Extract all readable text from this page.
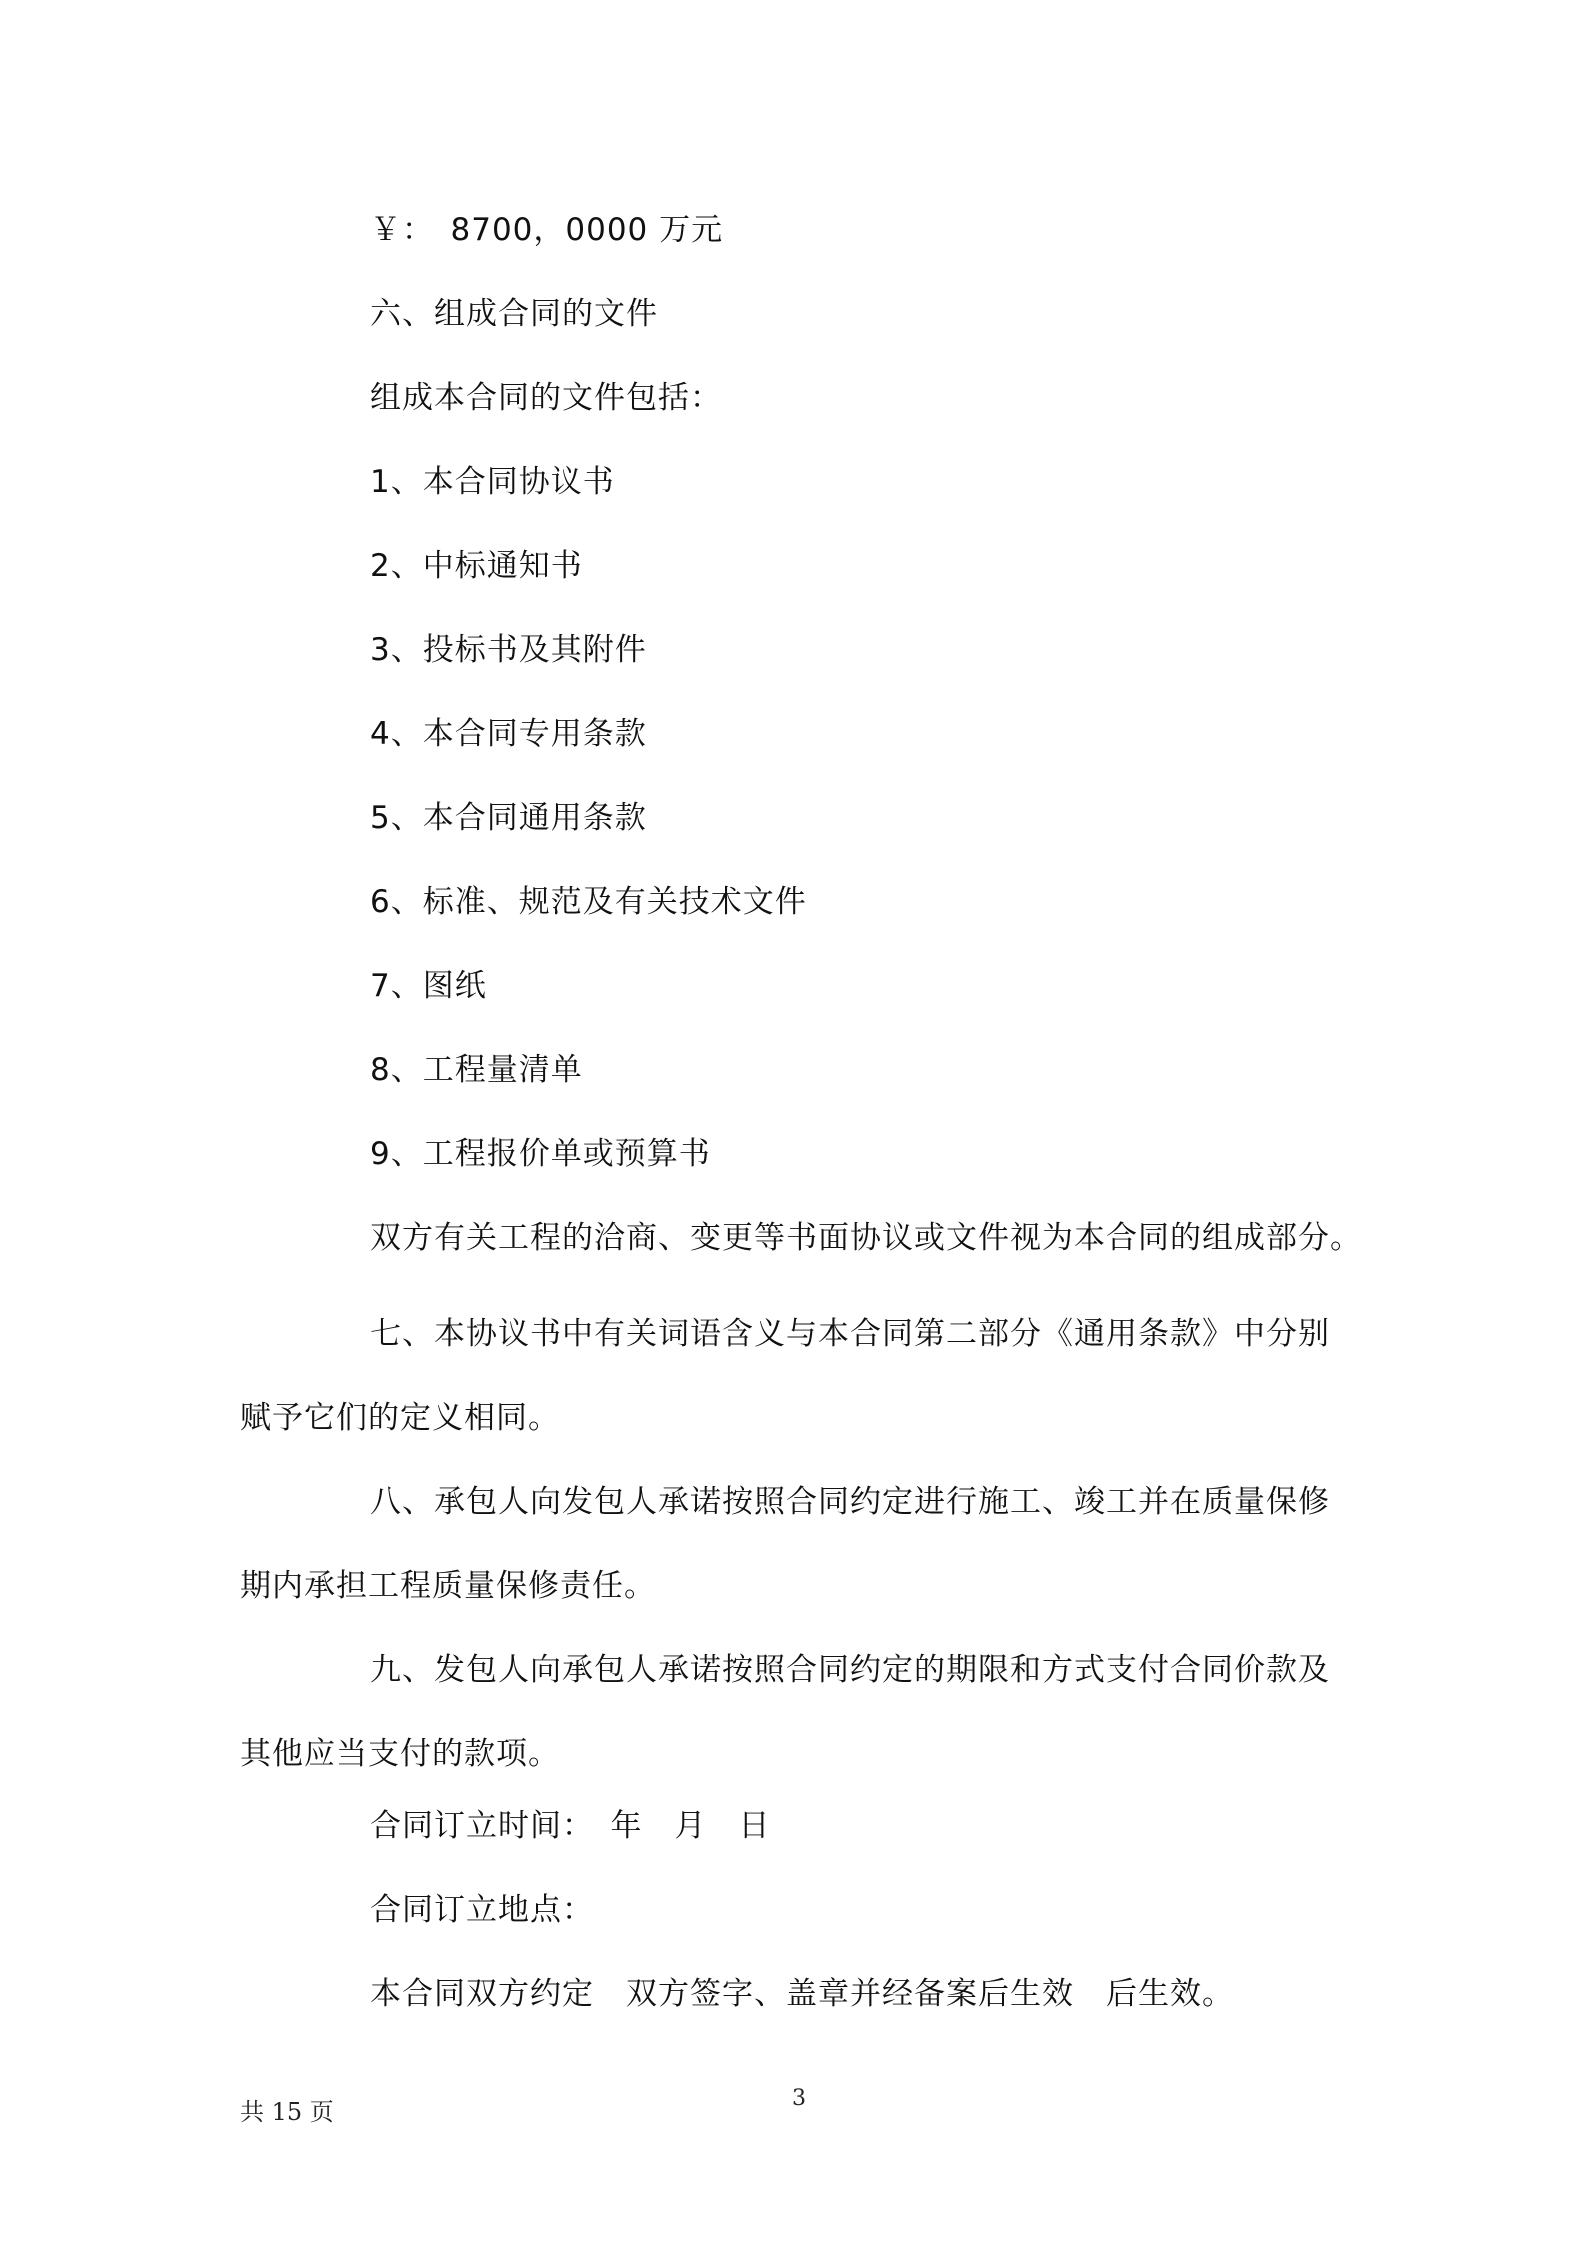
￥：　8700，0000 万元
六、组成合同的文件
组成本合同的文件包括：
1、本合同协议书
2、中标通知书
3、投标书及其附件
4、本合同专用条款
5、本合同通用条款
6、标准、规范及有关技术文件
7、图纸
8、工程量清单
9、工程报价单或预算书
双方有关工程的洽商、变更等书面协议或文件视为本合同的组成部分。
七、本协议书中有关词语含义与本合同第二部分《通用条款》中分别赋予它们的定义相同。
八、承包人向发包人承诺按照合同约定进行施工、竣工并在质量保修期内承担工程质量保修责任。
九、发包人向承包人承诺按照合同约定的期限和方式支付合同价款及其他应当支付的款项。
合同订立时间：　年　月　日
合同订立地点：
本合同双方约定　双方签字、盖章并经备案后生效　后生效。
共 15 页	3
